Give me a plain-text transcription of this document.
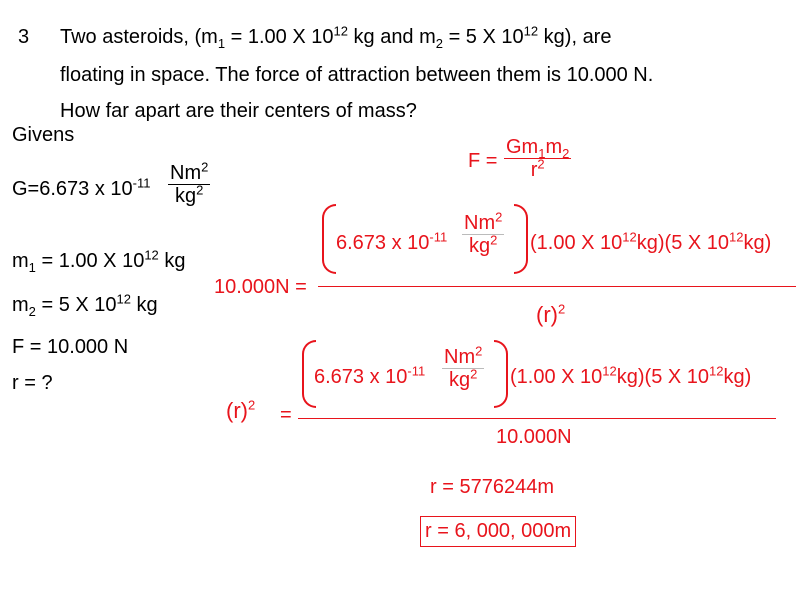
3 Two asteroids, ($m_1 = 1.00$ X $10^{12}$ kg and $m_2 = 5$ X $10^{12}$ kg), are
floating in space. The force of attraction between them is 10.000 N.
How far apart are their centers of mass?
Givens
G=6.673 x $10^{-11}$ Nm$^2$
$kg^2$
$m_1 = 1.00$ X $10^{12}$ kg
$m_2 = 5$ X $10^{12}$ kg
F = 10.000 N
r = ?
F =
$Gm_1m_2$
$r^2$
10.000N =
6.673 x $10^{-11}$
Nm$^2$
$kg^2$ (1.00 X $10^{12}kg)(5$ X $10^{12}kg$)
$(r)^2$
$(r)^2$ =
6.673 x $10^{-11}$
Nm$^2$
$kg^2$ (1.00 X $10^{12}kg)(5$ X $10^{12}kg$)
10.000N
r = 5776244m
r = 6, 000, 000m
